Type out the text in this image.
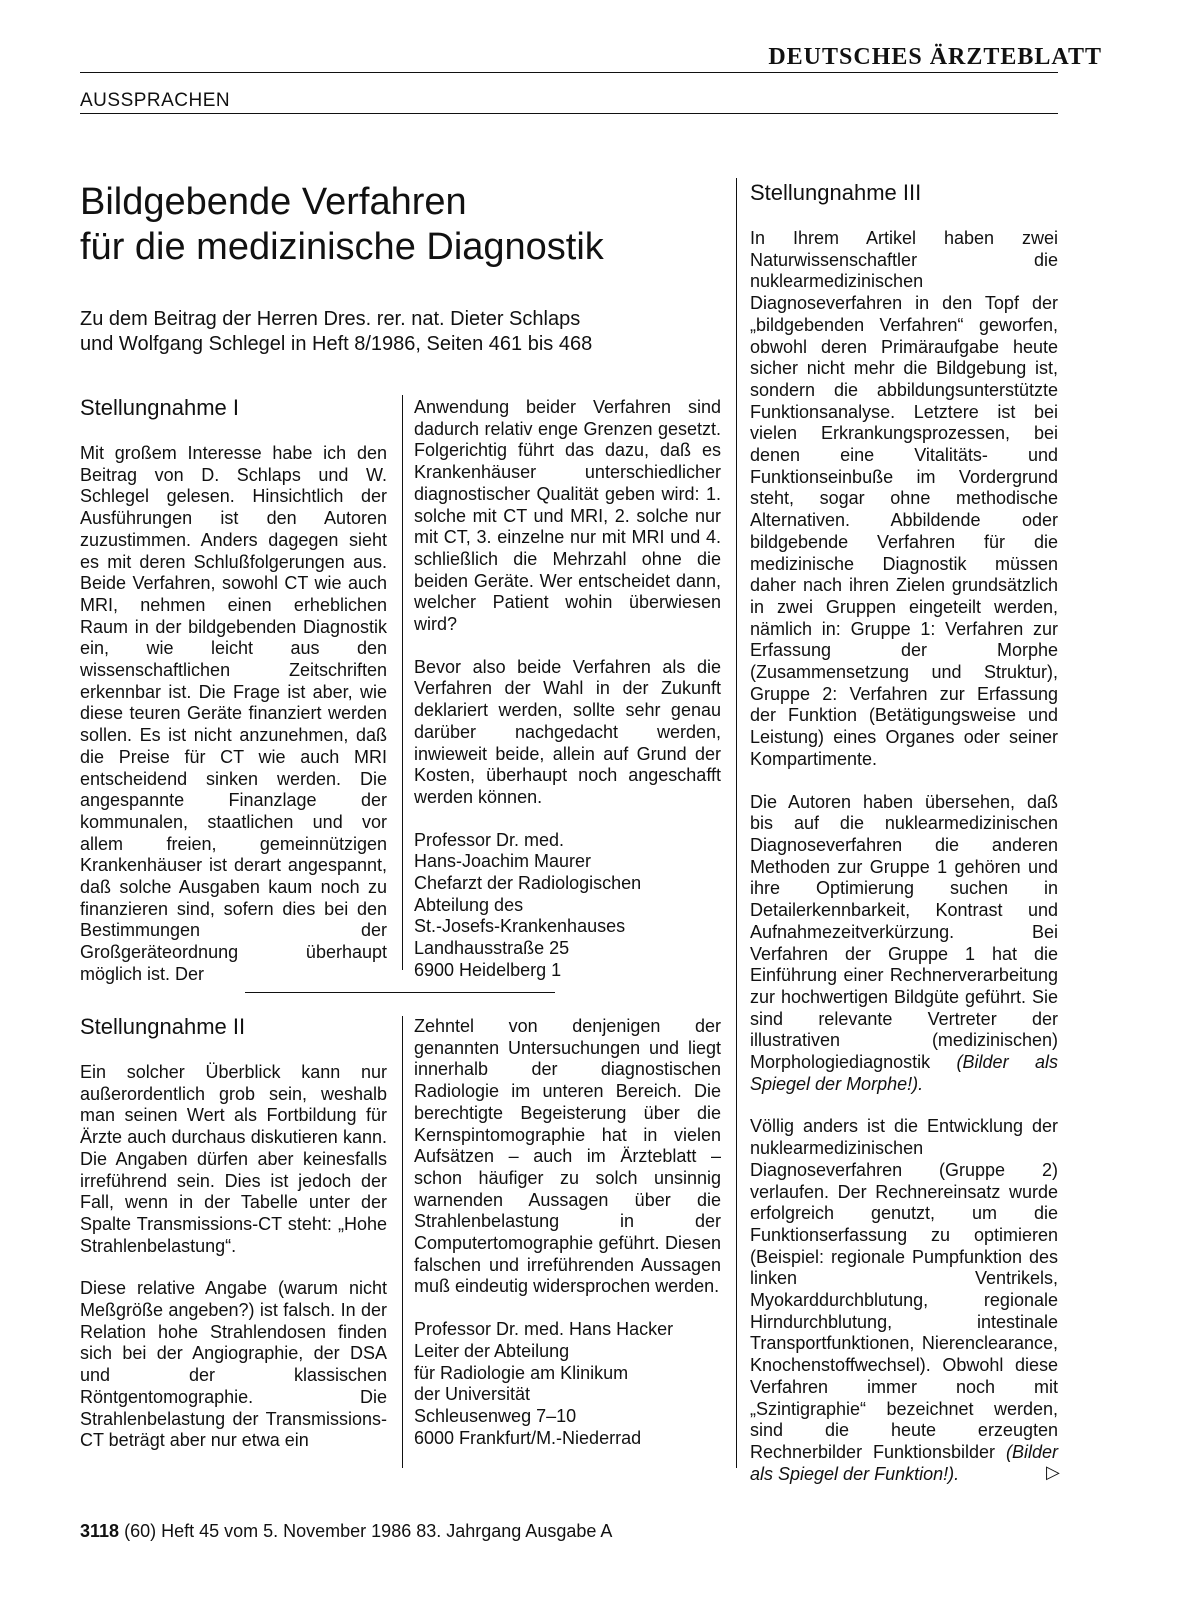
DEUTSCHES ÄRZTEBLATT
AUSSPRACHEN
Bildgebende Verfahren
für die medizinische Diagnostik
Zu dem Beitrag der Herren Dres. rer. nat. Dieter Schlaps
und Wolfgang Schlegel in Heft 8/1986, Seiten 461 bis 468
Stellungnahme I

Mit großem Interesse habe ich den Beitrag von D. Schlaps und W. Schlegel gelesen. Hinsichtlich der Ausführungen ist den Autoren zuzustimmen. Anders dagegen sieht es mit deren Schlußfolgerungen aus. Beide Verfahren, sowohl CT wie auch MRI, nehmen einen erheblichen Raum in der bildgebenden Diagnostik ein, wie leicht aus den wissenschaftlichen Zeitschriften erkennbar ist. Die Frage ist aber, wie diese teuren Geräte finanziert werden sollen. Es ist nicht anzunehmen, daß die Preise für CT wie auch MRI entscheidend sinken werden. Die angespannte Finanzlage der kommunalen, staatlichen und vor allem freien, gemeinnützigen Krankenhäuser ist derart angespannt, daß solche Ausgaben kaum noch zu finanzieren sind, sofern dies bei den Bestimmungen der Großgeräteordnung überhaupt möglich ist. Der

Anwendung beider Verfahren sind dadurch relativ enge Grenzen gesetzt. Folgerichtig führt das dazu, daß es Krankenhäuser unterschiedlicher diagnostischer Qualität geben wird: 1. solche mit CT und MRI, 2. solche nur mit CT, 3. einzelne nur mit MRI und 4. schließlich die Mehrzahl ohne die beiden Geräte. Wer entscheidet dann, welcher Patient wohin überwiesen wird?

Bevor also beide Verfahren als die Verfahren der Wahl in der Zukunft deklariert werden, sollte sehr genau darüber nachgedacht werden, inwieweit beide, allein auf Grund der Kosten, überhaupt noch angeschafft werden können.

Professor Dr. med.
Hans-Joachim Maurer
Chefarzt der Radiologischen
Abteilung des
St.-Josefs-Krankenhauses
Landhausstraße 25
6900 Heidelberg 1
Stellungnahme II

Ein solcher Überblick kann nur außerordentlich grob sein, weshalb man seinen Wert als Fortbildung für Ärzte auch durchaus diskutieren kann. Die Angaben dürfen aber keinesfalls irreführend sein. Dies ist jedoch der Fall, wenn in der Tabelle unter der Spalte Transmissions-CT steht: „Hohe Strahlenbelastung“.

Diese relative Angabe (warum nicht Meßgröße angeben?) ist falsch. In der Relation hohe Strahlendosen finden sich bei der Angiographie, der DSA und der klassischen Röntgentomographie. Die Strahlenbelastung der Transmissions-CT beträgt aber nur etwa ein

Zehntel von denjenigen der genannten Untersuchungen und liegt innerhalb der diagnostischen Radiologie im unteren Bereich. Die berechtigte Begeisterung über die Kernspintomographie hat in vielen Aufsätzen – auch im Ärzteblatt – schon häufiger zu solch unsinnig warnenden Aussagen über die Strahlenbelastung in der Computertomographie geführt. Diesen falschen und irreführenden Aussagen muß eindeutig widersprochen werden.

Professor Dr. med. Hans Hacker
Leiter der Abteilung
für Radiologie am Klinikum
der Universität
Schleusenweg 7–10
6000 Frankfurt/M.-Niederrad
Stellungnahme III

In Ihrem Artikel haben zwei Naturwissenschaftler die nuklearmedizinischen Diagnoseverfahren in den Topf der „bildgebenden Verfahren“ geworfen, obwohl deren Primäraufgabe heute sicher nicht mehr die Bildgebung ist, sondern die abbildungsunterstützte Funktionsanalyse. Letztere ist bei vielen Erkrankungsprozessen, bei denen eine Vitalitäts- und Funktionseinbuße im Vordergrund steht, sogar ohne methodische Alternativen. Abbildende oder bildgebende Verfahren für die medizinische Diagnostik müssen daher nach ihren Zielen grundsätzlich in zwei Gruppen eingeteilt werden, nämlich in: Gruppe 1: Verfahren zur Erfassung der Morphe (Zusammensetzung und Struktur), Gruppe 2: Verfahren zur Erfassung der Funktion (Betätigungsweise und Leistung) eines Organes oder seiner Kompartimente.

Die Autoren haben übersehen, daß bis auf die nuklearmedizinischen Diagnoseverfahren die anderen Methoden zur Gruppe 1 gehören und ihre Optimierung suchen in Detailerkennbarkeit, Kontrast und Aufnahmezeitverkürzung. Bei Verfahren der Gruppe 1 hat die Einführung einer Rechnerverarbeitung zur hochwertigen Bildgüte geführt. Sie sind relevante Vertreter der illustrativen (medizinischen) Morphologiediagnostik (Bilder als Spiegel der Morphe!).

Völlig anders ist die Entwicklung der nuklearmedizinischen Diagnoseverfahren (Gruppe 2) verlaufen. Der Rechnereinsatz wurde erfolgreich genutzt, um die Funktionserfassung zu optimieren (Beispiel: regionale Pumpfunktion des linken Ventrikels, Myokarddurchblutung, regionale Hirndurchblutung, intestinale Transportfunktionen, Nierenclearance, Knochenstoffwechsel). Obwohl diese Verfahren immer noch mit „Szintigraphie“ bezeichnet werden, sind die heute erzeugten Rechnerbilder Funktionsbilder (Bilder als Spiegel der Funktion!).	▷
3118 (60) Heft 45 vom 5. November 1986 83. Jahrgang Ausgabe A
